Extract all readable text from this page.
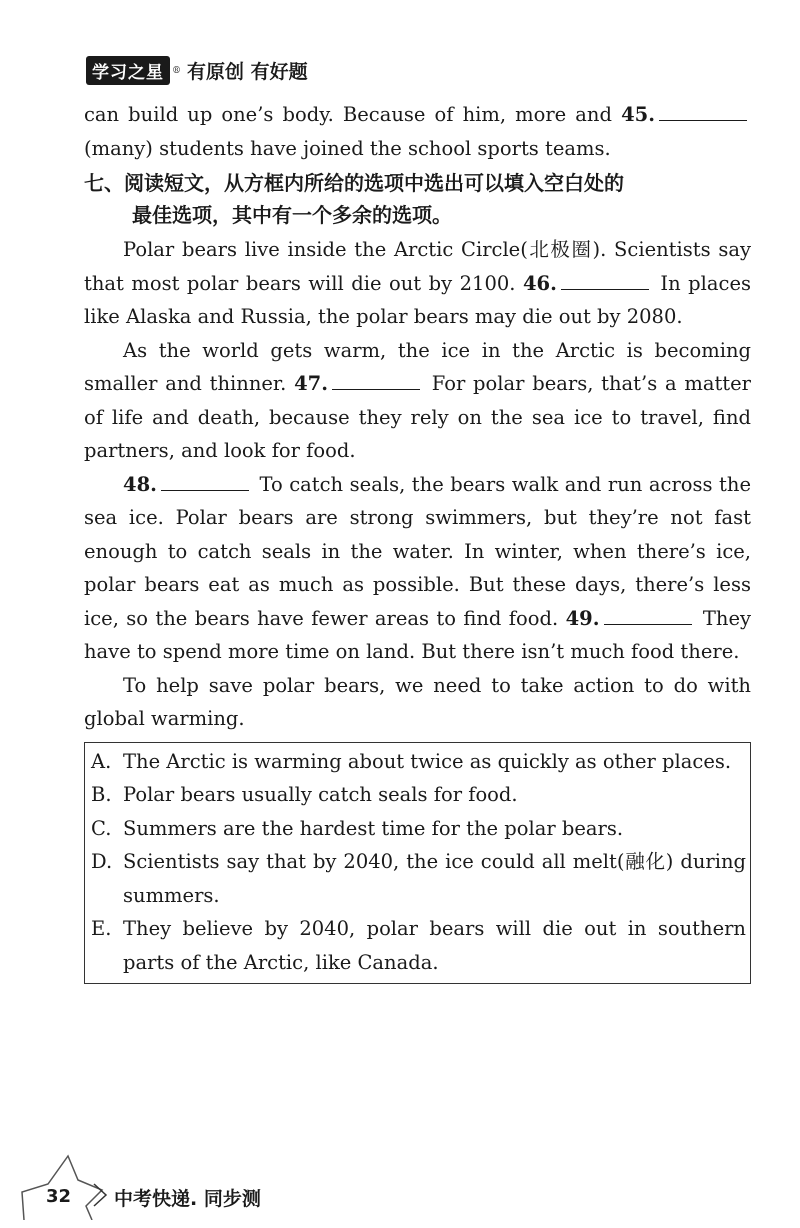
学习之星 ® 有原创 有好题

can build up one’s body. Because of him, more and 45.(many) students have joined the school sports teams.

七、阅读短文，从方框内所给的选项中选出可以填入空白处的
最佳选项，其中有一个多余的选项。

Polar bears live inside the Arctic Circle(北极圈). Scientists say that most polar bears will die out by 2100. 46.	In places like Alaska and Russia, the polar bears may die out by 2080.

As the world gets warm, the ice in the Arctic is becoming smaller and thinner. 47.	For polar bears, that’s a matter of life and death, because they rely on the sea ice to travel, find partners, and look for food.

48.	To catch seals, the bears walk and run across the sea ice. Polar bears are strong swimmers, but they’re not fast enough to catch seals in the water. In winter, when there’s ice, polar bears eat as much as possible. But these days, there’s less ice, so the bears have fewer areas to find food. 49.	They have to spend more time on land. But there isn’t much food there.

To help save polar bears, we need to take action to do with global warming.

A. The Arctic is warming about twice as quickly as other places.
B. Polar bears usually catch seals for food.
C. Summers are the hardest time for the polar bears.
D. Scientists say that by 2040, the ice could all melt(融化) during summers.
E. They believe by 2040, polar bears will die out in southern parts of the Arctic, like Canada.
32 中考快递. 同步测
